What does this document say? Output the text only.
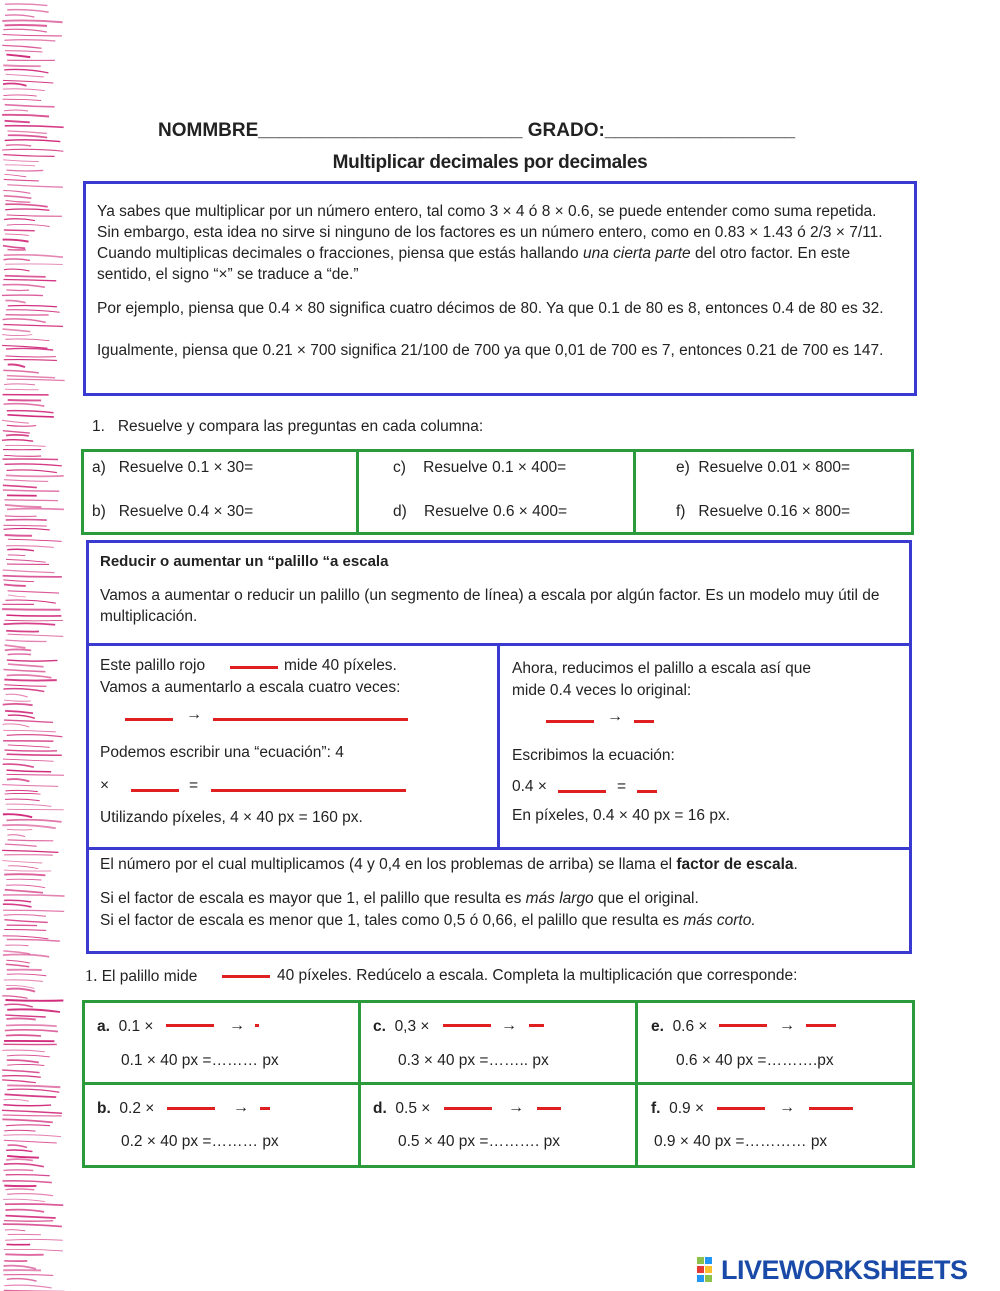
NOMMBRE_________________________ GRADO:__________________
Multiplicar decimales por decimales
Ya sabes que multiplicar por un número entero, tal como 3 × 4 ó 8 × 0.6, se puede entender como suma repetida. Sin embargo, esta idea no sirve si ninguno de los factores es un número entero, como en 0.83 × 1.43 ó 2/3 × 7/11. Cuando multiplicas decimales o fracciones, piensa que estás hallando una cierta parte del otro factor. En este sentido, el signo “×” se traduce a “de.”
Por ejemplo, piensa que 0.4 × 80 significa cuatro décimos de 80. Ya que 0.1 de 80 es 8, entonces 0.4 de 80 es 32.
Igualmente, piensa que 0.21 × 700 significa 21/100 de 700 ya que 0,01 de 700 es 7, entonces 0.21 de 700 es 147.
1. Resuelve y compara las preguntas en cada columna:
a) Resuelve 0.1 × 30=
b) Resuelve 0.4 × 30=
c) Resuelve 0.1 × 400=
d) Resuelve 0.6 × 400=
e) Resuelve 0.01 × 800=
f) Resuelve 0.16 × 800=
Reducir o aumentar un “palillo “a escala
Vamos a aumentar o reducir un palillo (un segmento de línea) a escala por algún factor. Es un modelo muy útil de multiplicación.
Este palillo rojo	mide 40 píxeles.
Vamos a aumentarlo a escala cuatro veces:
→
Podemos escribir una “ecuación”: 4
×	=
Utilizando píxeles, 4 × 40 px = 160 px.
Ahora, reducimos el palillo a escala así que
mide 0.4 veces lo original:
→
Escribimos la ecuación:
0.4 ×	=
En píxeles, 0.4 × 40 px = 16 px.
El número por el cual multiplicamos (4 y 0,4 en los problemas de arriba) se llama el factor de escala.
Si el factor de escala es mayor que 1, el palillo que resulta es más largo que el original.
Si el factor de escala es menor que 1, tales como 0,5 ó 0,66, el palillo que resulta es más corto.
1. El palillo mide	40 píxeles. Redúcelo a escala. Completa la multiplicación que corresponde:
a. 0.1 ×	→
0.1 × 40 px =……… px
c. 0,3 ×	→
0.3 × 40 px =…….. px
e. 0.6 ×	→
0.6 × 40 px =……….px
b. 0.2 ×	→
0.2 × 40 px =……… px
d. 0.5 ×	→
0.5 × 40 px =………. px
f. 0.9 ×	→
0.9 × 40 px =………… px
LIVEWORKSHEETS
